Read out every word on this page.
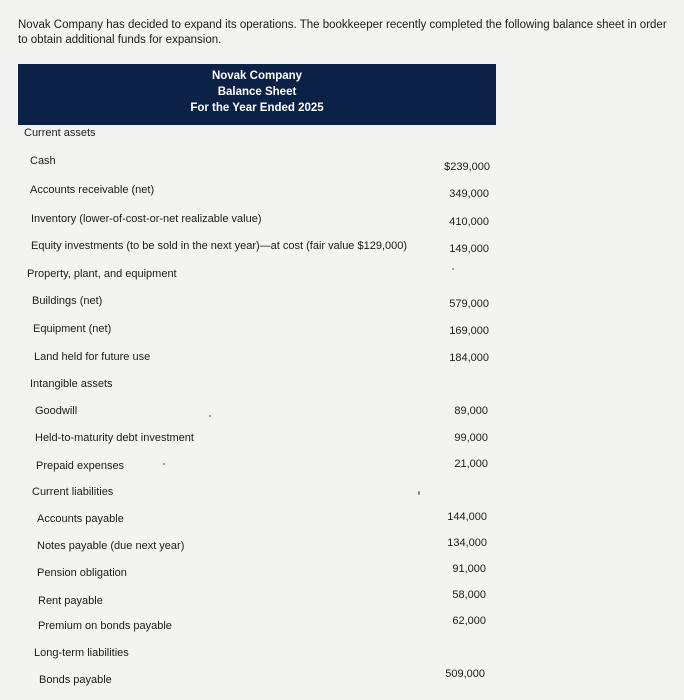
Novak Company has decided to expand its operations. The bookkeeper recently completed the following balance sheet in order to obtain additional funds for expansion.
Novak Company
Balance Sheet
For the Year Ended 2025
Current assets
Cash	$239,000
Accounts receivable (net)	349,000
Inventory (lower-of-cost-or-net realizable value)	410,000
Equity investments (to be sold in the next year)—at cost (fair value $129,000)	149,000
Property, plant, and equipment
Buildings (net)	579,000
Equipment (net)	169,000
Land held for future use	184,000
Intangible assets
Goodwill	89,000
Held-to-maturity debt investment	99,000
Prepaid expenses	21,000
Current liabilities
Accounts payable	144,000
Notes payable (due next year)	134,000
Pension obligation	91,000
Rent payable	58,000
Premium on bonds payable	62,000
Long-term liabilities
Bonds payable	509,000
